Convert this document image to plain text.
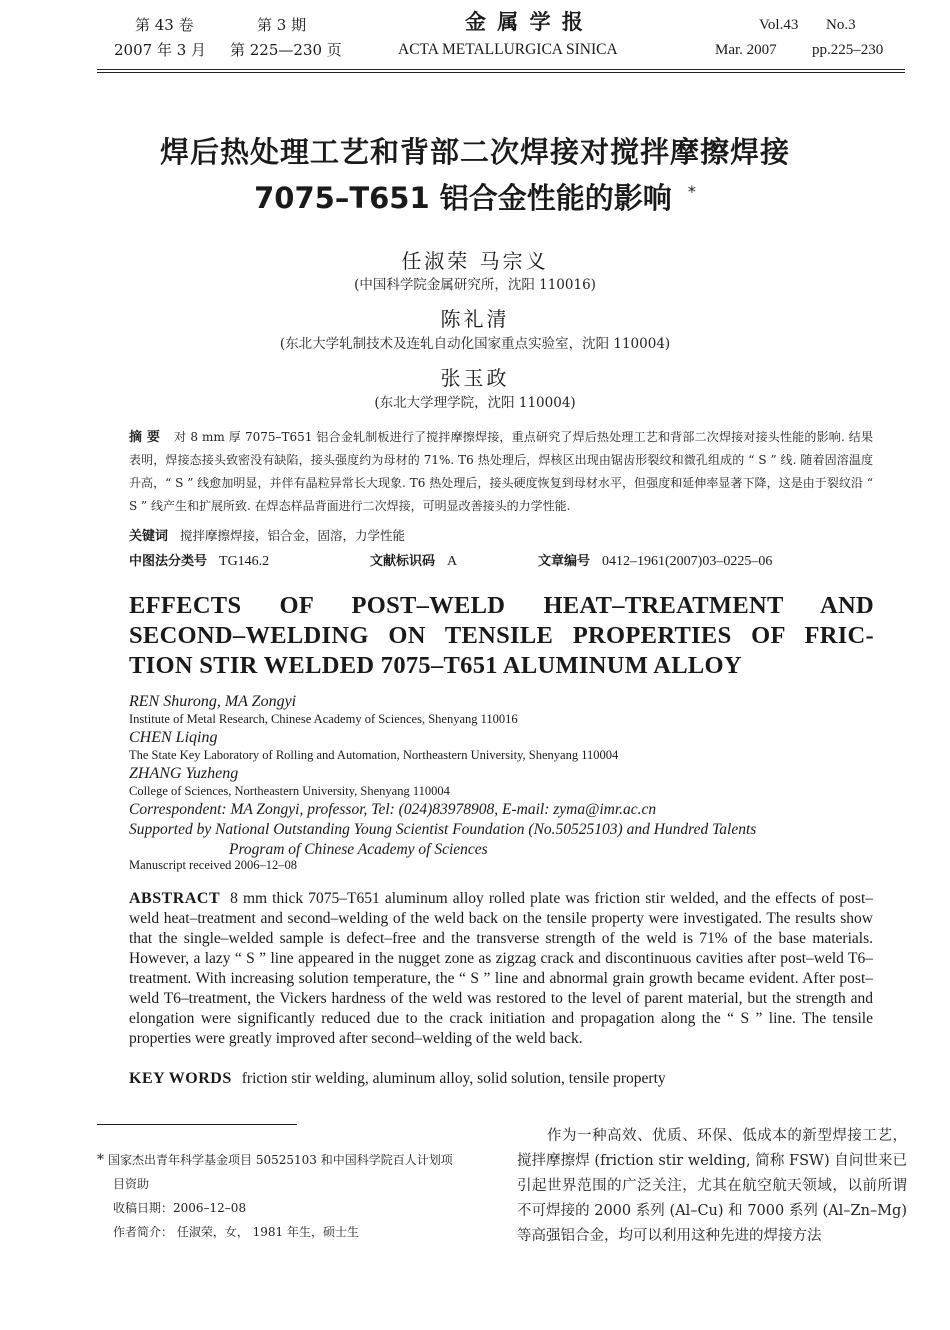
第 43 卷	第 3 期
2007 年 3 月 第 225—230 页
金 属 学 报
ACTA METALLURGICA SINICA
Vol.43 No.3
Mar. 2007 pp.225–230
焊后热处理工艺和背部二次焊接对搅拌摩擦焊接
7075–T651 铝合金性能的影响 *
任淑荣 马宗义
(中国科学院金属研究所，沈阳 110016)
陈礼清
(东北大学轧制技术及连轧自动化国家重点实验室，沈阳 110004)
张玉政
(东北大学理学院，沈阳 110004)
摘 要 对 8 mm 厚 7075–T651 铝合金轧制板进行了搅拌摩擦焊接，重点研究了焊后热处理工艺和背部二次焊接对接头性能的影响. 结果表明，焊接态接头致密没有缺陷，接头强度约为母材的 71%. T6 热处理后，焊核区出现由锯齿形裂纹和微孔组成的 “ S ” 线. 随着固溶温度升高，“ S ” 线愈加明显，并伴有晶粒异常长大现象. T6 热处理后，接头硬度恢复到母材水平，但强度和延伸率显著下降，这是由于裂纹沿 “ S ” 线产生和扩展所致. 在焊态样品背面进行二次焊接，可明显改善接头的力学性能.
关键词 搅拌摩擦焊接，铝合金，固溶，力学性能
中图法分类号 TG146.2	文献标识码 A	文章编号 0412–1961(2007)03–0225–06
EFFECTS OF POST–WELD HEAT–TREATMENT AND
SECOND–WELDING ON TENSILE PROPERTIES OF FRIC-
TION STIR WELDED 7075–T651 ALUMINUM ALLOY
REN Shurong, MA Zongyi
Institute of Metal Research, Chinese Academy of Sciences, Shenyang 110016
CHEN Liqing
The State Key Laboratory of Rolling and Automation, Northeastern University, Shenyang 110004
ZHANG Yuzheng
College of Sciences, Northeastern University, Shenyang 110004
Correspondent: MA Zongyi, professor, Tel: (024)83978908, E-mail: zyma@imr.ac.cn
Supported by National Outstanding Young Scientist Foundation (No.50525103) and Hundred Talents
Program of Chinese Academy of Sciences
Manuscript received 2006–12–08
ABSTRACT 8 mm thick 7075–T651 aluminum alloy rolled plate was friction stir welded, and the effects of post–weld heat–treatment and second–welding of the weld back on the tensile property were investigated. The results show that the single–welded sample is defect–free and the transverse strength of the weld is 71% of the base materials. However, a lazy “ S ” line appeared in the nugget zone as zigzag crack and discontinuous cavities after post–weld T6–treatment. With increasing solution temperature, the “ S ” line and abnormal grain growth became evident. After post–weld T6–treatment, the Vickers hardness of the weld was restored to the level of parent material, but the strength and elongation were significantly reduced due to the crack initiation and propagation along the “ S ” line. The tensile properties were greatly improved after second–welding of the weld back.
KEY WORDS friction stir welding, aluminum alloy, solid solution, tensile property
* 国家杰出青年科学基金项目 50525103 和中国科学院百人计划项
目资助
收稿日期：2006–12–08
作者简介： 任淑荣，女， 1981 年生，硕士生
作为一种高效、优质、环保、低成本的新型焊接工艺，搅拌摩擦焊 (friction stir welding, 简称 FSW) 自问世来已引起世界范围的广泛关注，尤其在航空航天领域，以前所谓不可焊接的 2000 系列 (Al–Cu) 和 7000 系列 (Al–Zn–Mg) 等高强铝合金，均可以利用这种先进的焊接方法
